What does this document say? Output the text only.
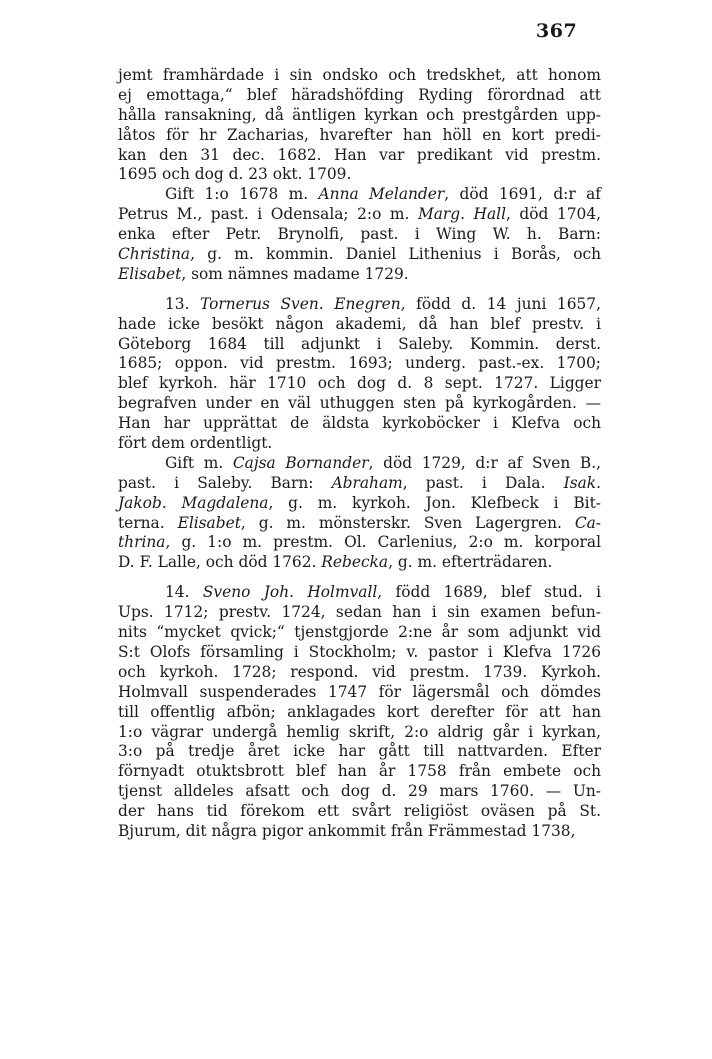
367
jemt framhärdade i sin ondsko och tredskhet, att honom
ej emottaga,“ blef häradshöfding Ryding förordnad att
hålla ransakning, då äntligen kyrkan och prestgården upp-
låtos för hr Zacharias, hvarefter han höll en kort predi-
kan den 31 dec. 1682. Han var predikant vid prestm.
1695 och dog d. 23 okt. 1709.
Gift 1:o 1678 m. Anna Melander, död 1691, d:r af
Petrus M., past. i Odensala; 2:o m. Marg. Hall, död 1704,
enka efter Petr. Brynolfi, past. i Wing W. h. Barn:
Christina, g. m. kommin. Daniel Lithenius i Borås, och
Elisabet, som nämnes madame 1729.
13. Tornerus Sven. Enegren, född d. 14 juni 1657,
hade icke besökt någon akademi, då han blef prestv. i
Göteborg 1684 till adjunkt i Saleby. Kommin. derst.
1685; oppon. vid prestm. 1693; underg. past.-ex. 1700;
blef kyrkoh. här 1710 och dog d. 8 sept. 1727. Ligger
begrafven under en väl uthuggen sten på kyrkogården. —
Han har upprättat de äldsta kyrkoböcker i Klefva och
fört dem ordentligt.
Gift m. Cajsa Bornander, död 1729, d:r af Sven B.,
past. i Saleby. Barn: Abraham, past. i Dala. Isak.
Jakob. Magdalena, g. m. kyrkoh. Jon. Klefbeck i Bit-
terna. Elisabet, g. m. mönsterskr. Sven Lagergren. Ca-
thrina, g. 1:o m. prestm. Ol. Carlenius, 2:o m. korporal
D. F. Lalle, och död 1762. Rebecka, g. m. efterträdaren.
14. Sveno Joh. Holmvall, född 1689, blef stud. i
Ups. 1712; prestv. 1724, sedan han i sin examen befun-
nits “mycket qvick;“ tjenstgjorde 2:ne år som adjunkt vid
S:t Olofs församling i Stockholm; v. pastor i Klefva 1726
och kyrkoh. 1728; respond. vid prestm. 1739. Kyrkoh.
Holmvall suspenderades 1747 för lägersmål och dömdes
till offentlig afbön; anklagades kort derefter för att han
1:o vägrar undergå hemlig skrift, 2:o aldrig går i kyrkan,
3:o på tredje året icke har gått till nattvarden. Efter
förnyadt otuktsbrott blef han år 1758 från embete och
tjenst alldeles afsatt och dog d. 29 mars 1760. — Un-
der hans tid förekom ett svårt religiöst oväsen på St.
Bjurum, dit några pigor ankommit från Främmestad 1738,
